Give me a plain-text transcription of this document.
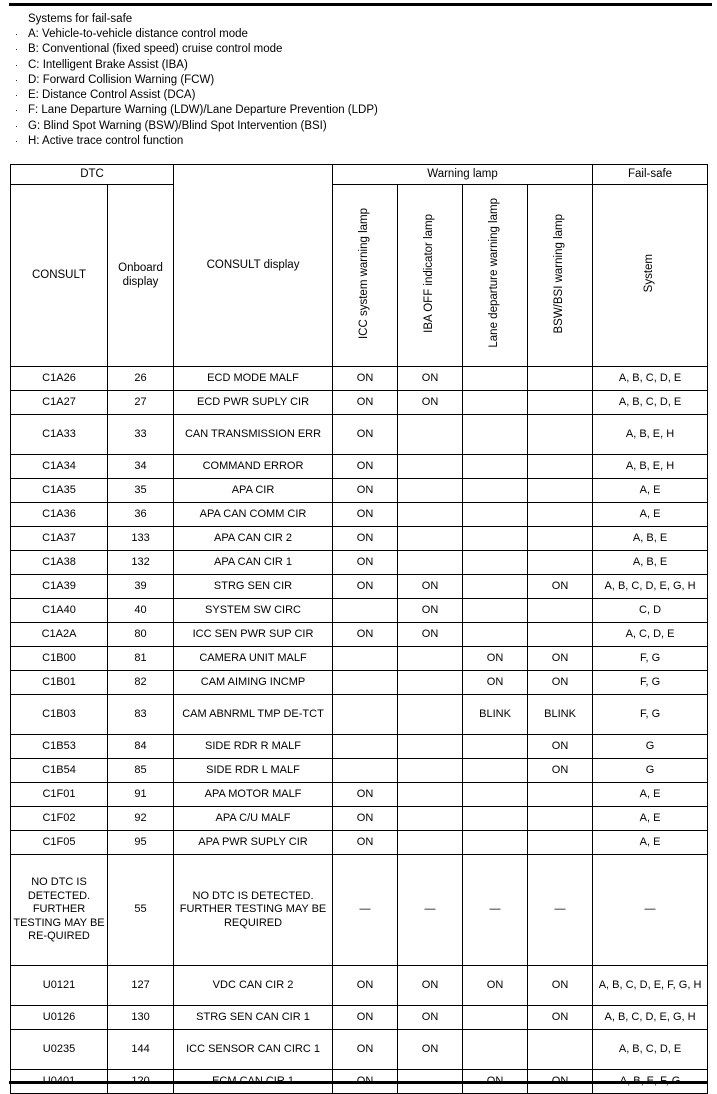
Systems for fail-safe
· A: Vehicle-to-vehicle distance control mode
· B: Conventional (fixed speed) cruise control mode
· C: Intelligent Brake Assist (IBA)
· D: Forward Collision Warning (FCW)
· E: Distance Control Assist (DCA)
· F: Lane Departure Warning (LDW)/Lane Departure Prevention (LDP)
· G: Blind Spot Warning (BSW)/Blind Spot Intervention (BSI)
· H: Active trace control function
DTC		CONSULT display	Warning lamp				Fail-safe
CONSULT	Onboard
display		ICC system warning lamp	IBA OFF indicator lamp	Lane departure warning lamp	BSW/BSI warning lamp	System
C1A26	26	ECD MODE MALF	ON	ON			A, B, C, D, E
C1A27	27	ECD PWR SUPLY CIR	ON	ON			A, B, C, D, E
C1A33	33	CAN TRANSMISSION ERR	ON				A, B, E, H
C1A34	34	COMMAND ERROR	ON				A, B, E, H
C1A35	35	APA CIR	ON				A, E
C1A36	36	APA CAN COMM CIR	ON				A, E
C1A37	133	APA CAN CIR 2	ON				A, B, E
C1A38	132	APA CAN CIR 1	ON				A, B, E
C1A39	39	STRG SEN CIR	ON	ON		ON	A, B, C, D, E, G, H
C1A40	40	SYSTEM SW CIRC		ON			C, D
C1A2A	80	ICC SEN PWR SUP CIR	ON	ON			A, C, D, E
C1B00	81	CAMERA UNIT MALF			ON	ON	F, G
C1B01	82	CAM AIMING INCMP			ON	ON	F, G
C1B03	83	CAM ABNRML TMP DE-TCT			BLINK	BLINK	F, G
C1B53	84	SIDE RDR R MALF				ON	G
C1B54	85	SIDE RDR L MALF				ON	G
C1F01	91	APA MOTOR MALF	ON				A, E
C1F02	92	APA C/U MALF	ON				A, E
C1F05	95	APA PWR SUPLY CIR	ON				A, E
NO DTC IS DETECTED. FURTHER TESTING MAY BE RE-QUIRED	55	NO DTC IS DETECTED. FURTHER TESTING MAY BE REQUIRED	—	—	—	—	—
U0121	127	VDC CAN CIR 2	ON	ON	ON	ON	A, B, C, D, E, F, G, H
U0126	130	STRG SEN CAN CIR 1	ON	ON		ON	A, B, C, D, E, G, H
U0235	144	ICC SENSOR CAN CIRC 1	ON	ON			A, B, C, D, E
